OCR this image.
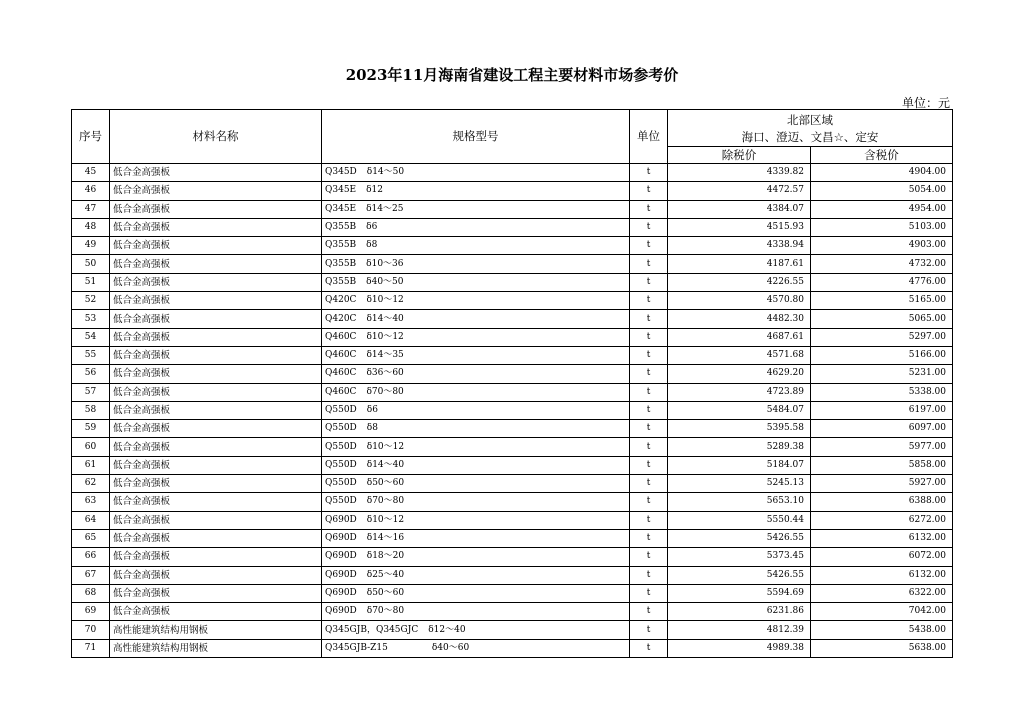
2023年11月海南省建设工程主要材料市场参考价
单位：元
序号	材料名称	规格型号	单位	北部区域	
				海口、澄迈、文昌☆、定安	
				除税价	含税价
45	低合金高强板	Q345D δ14～50	t	4339.82	4904.00
46	低合金高强板	Q345E δ12	t	4472.57	5054.00
47	低合金高强板	Q345E δ14～25	t	4384.07	4954.00
48	低合金高强板	Q355B δ6	t	4515.93	5103.00
49	低合金高强板	Q355B δ8	t	4338.94	4903.00
50	低合金高强板	Q355B δ10～36	t	4187.61	4732.00
51	低合金高强板	Q355B δ40～50	t	4226.55	4776.00
52	低合金高强板	Q420C δ10～12	t	4570.80	5165.00
53	低合金高强板	Q420C δ14～40	t	4482.30	5065.00
54	低合金高强板	Q460C δ10～12	t	4687.61	5297.00
55	低合金高强板	Q460C δ14～35	t	4571.68	5166.00
56	低合金高强板	Q460C δ36～60	t	4629.20	5231.00
57	低合金高强板	Q460C δ70～80	t	4723.89	5338.00
58	低合金高强板	Q550D δ6	t	5484.07	6197.00
59	低合金高强板	Q550D δ8	t	5395.58	6097.00
60	低合金高强板	Q550D δ10～12	t	5289.38	5977.00
61	低合金高强板	Q550D δ14～40	t	5184.07	5858.00
62	低合金高强板	Q550D δ50～60	t	5245.13	5927.00
63	低合金高强板	Q550D δ70～80	t	5653.10	6388.00
64	低合金高强板	Q690D δ10～12	t	5550.44	6272.00
65	低合金高强板	Q690D δ14～16	t	5426.55	6132.00
66	低合金高强板	Q690D δ18～20	t	5373.45	6072.00
67	低合金高强板	Q690D δ25～40	t	5426.55	6132.00
68	低合金高强板	Q690D δ50～60	t	5594.69	6322.00
69	低合金高强板	Q690D δ70～80	t	6231.86	7042.00
70	高性能建筑结构用钢板	Q345GJB，Q345GJC δ12～40	t	4812.39	5438.00
71	高性能建筑结构用钢板	Q345GJB-Z15 δ40～60	t	4989.38	5638.00
